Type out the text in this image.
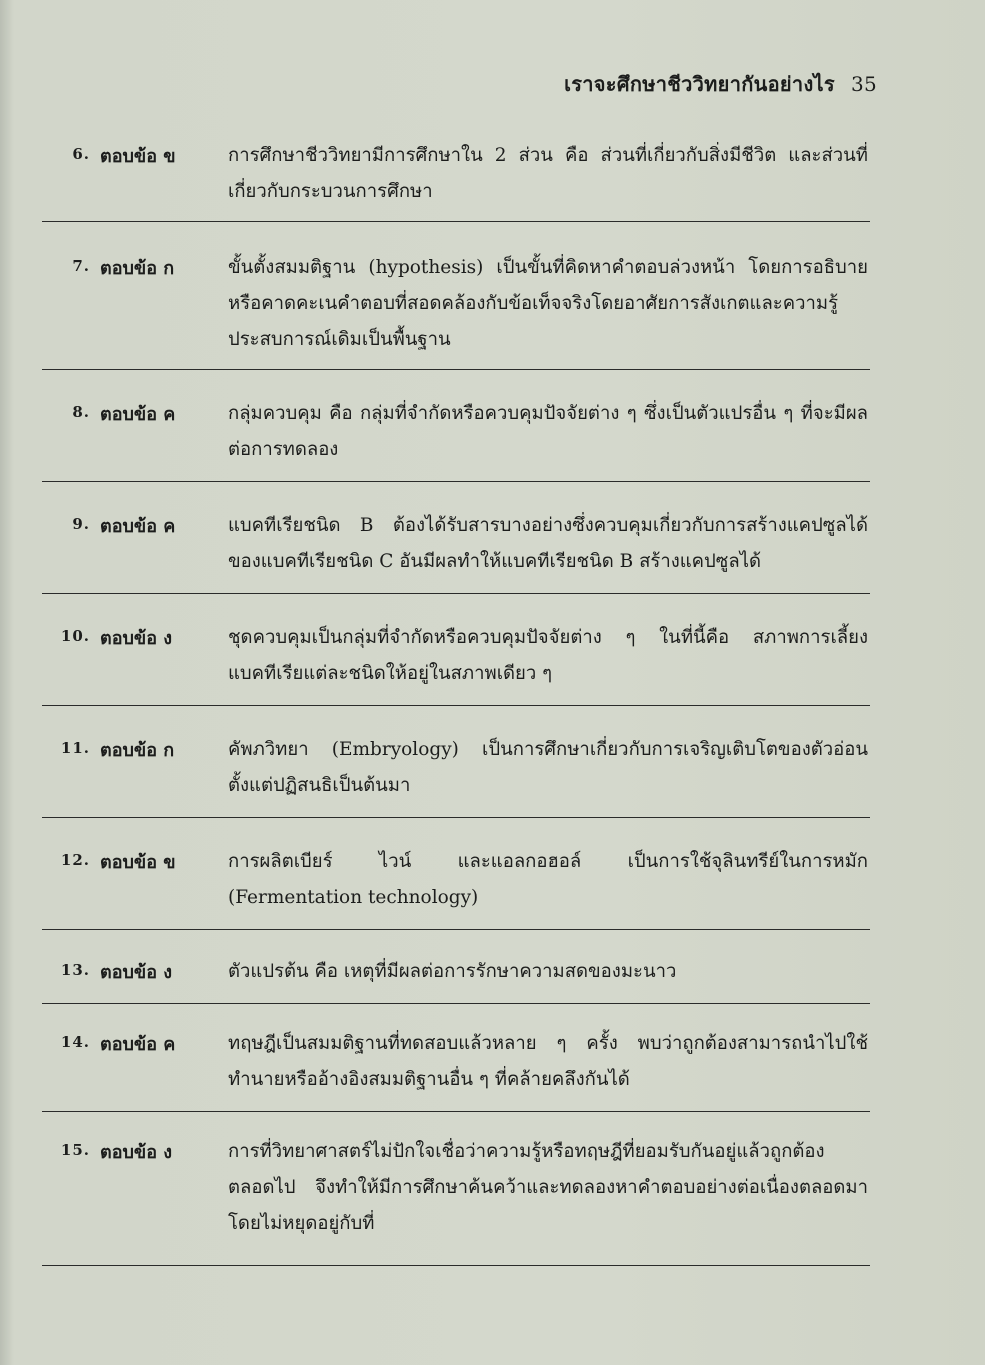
เราจะศึกษาชีววิทยากันอย่างไร 35
6. ตอบข้อ ข	การศึกษาชีววิทยามีการศึกษาใน 2 ส่วน คือ ส่วนที่เกี่ยวกับสิ่งมีชีวิต และส่วนที่เกี่ยวกับกระบวนการศึกษา
7. ตอบข้อ ก	ขั้นตั้งสมมติฐาน (hypothesis) เป็นขั้นที่คิดหาคำตอบล่วงหน้า โดยการอธิบายหรือคาดคะเนคำตอบที่สอดคล้องกับข้อเท็จจริงโดยอาศัยการสังเกตและความรู้ประสบการณ์เดิมเป็นพื้นฐาน
8. ตอบข้อ ค	กลุ่มควบคุม คือ กลุ่มที่จำกัดหรือควบคุมปัจจัยต่าง ๆ ซึ่งเป็นตัวแปรอื่น ๆ ที่จะมีผลต่อการทดลอง
9. ตอบข้อ ค	แบคทีเรียชนิด B ต้องได้รับสารบางอย่างซึ่งควบคุมเกี่ยวกับการสร้างแคปซูลได้ของแบคทีเรียชนิด C อันมีผลทำให้แบคทีเรียชนิด B สร้างแคปซูลได้
10. ตอบข้อ ง	ชุดควบคุมเป็นกลุ่มที่จำกัดหรือควบคุมปัจจัยต่าง ๆ ในที่นี้คือ สภาพการเลี้ยงแบคทีเรียแต่ละชนิดให้อยู่ในสภาพเดียว ๆ
11. ตอบข้อ ก	คัพภวิทยา (Embryology) เป็นการศึกษาเกี่ยวกับการเจริญเติบโตของตัวอ่อนตั้งแต่ปฏิสนธิเป็นต้นมา
12. ตอบข้อ ข	การผลิตเบียร์ ไวน์ และแอลกอฮอล์ เป็นการใช้จุลินทรีย์ในการหมัก (Fermentation technology)
13. ตอบข้อ ง	ตัวแปรต้น คือ เหตุที่มีผลต่อการรักษาความสดของมะนาว
14. ตอบข้อ ค	ทฤษฎีเป็นสมมติฐานที่ทดสอบแล้วหลาย ๆ ครั้ง พบว่าถูกต้องสามารถนำไปใช้ทำนายหรืออ้างอิงสมมติฐานอื่น ๆ ที่คล้ายคลึงกันได้
15. ตอบข้อ ง	การที่วิทยาศาสตร์ไม่ปักใจเชื่อว่าความรู้หรือทฤษฎีที่ยอมรับกันอยู่แล้วถูกต้องตลอดไป จึงทำให้มีการศึกษาค้นคว้าและทดลองหาคำตอบอย่างต่อเนื่องตลอดมา โดยไม่หยุดอยู่กับที่
